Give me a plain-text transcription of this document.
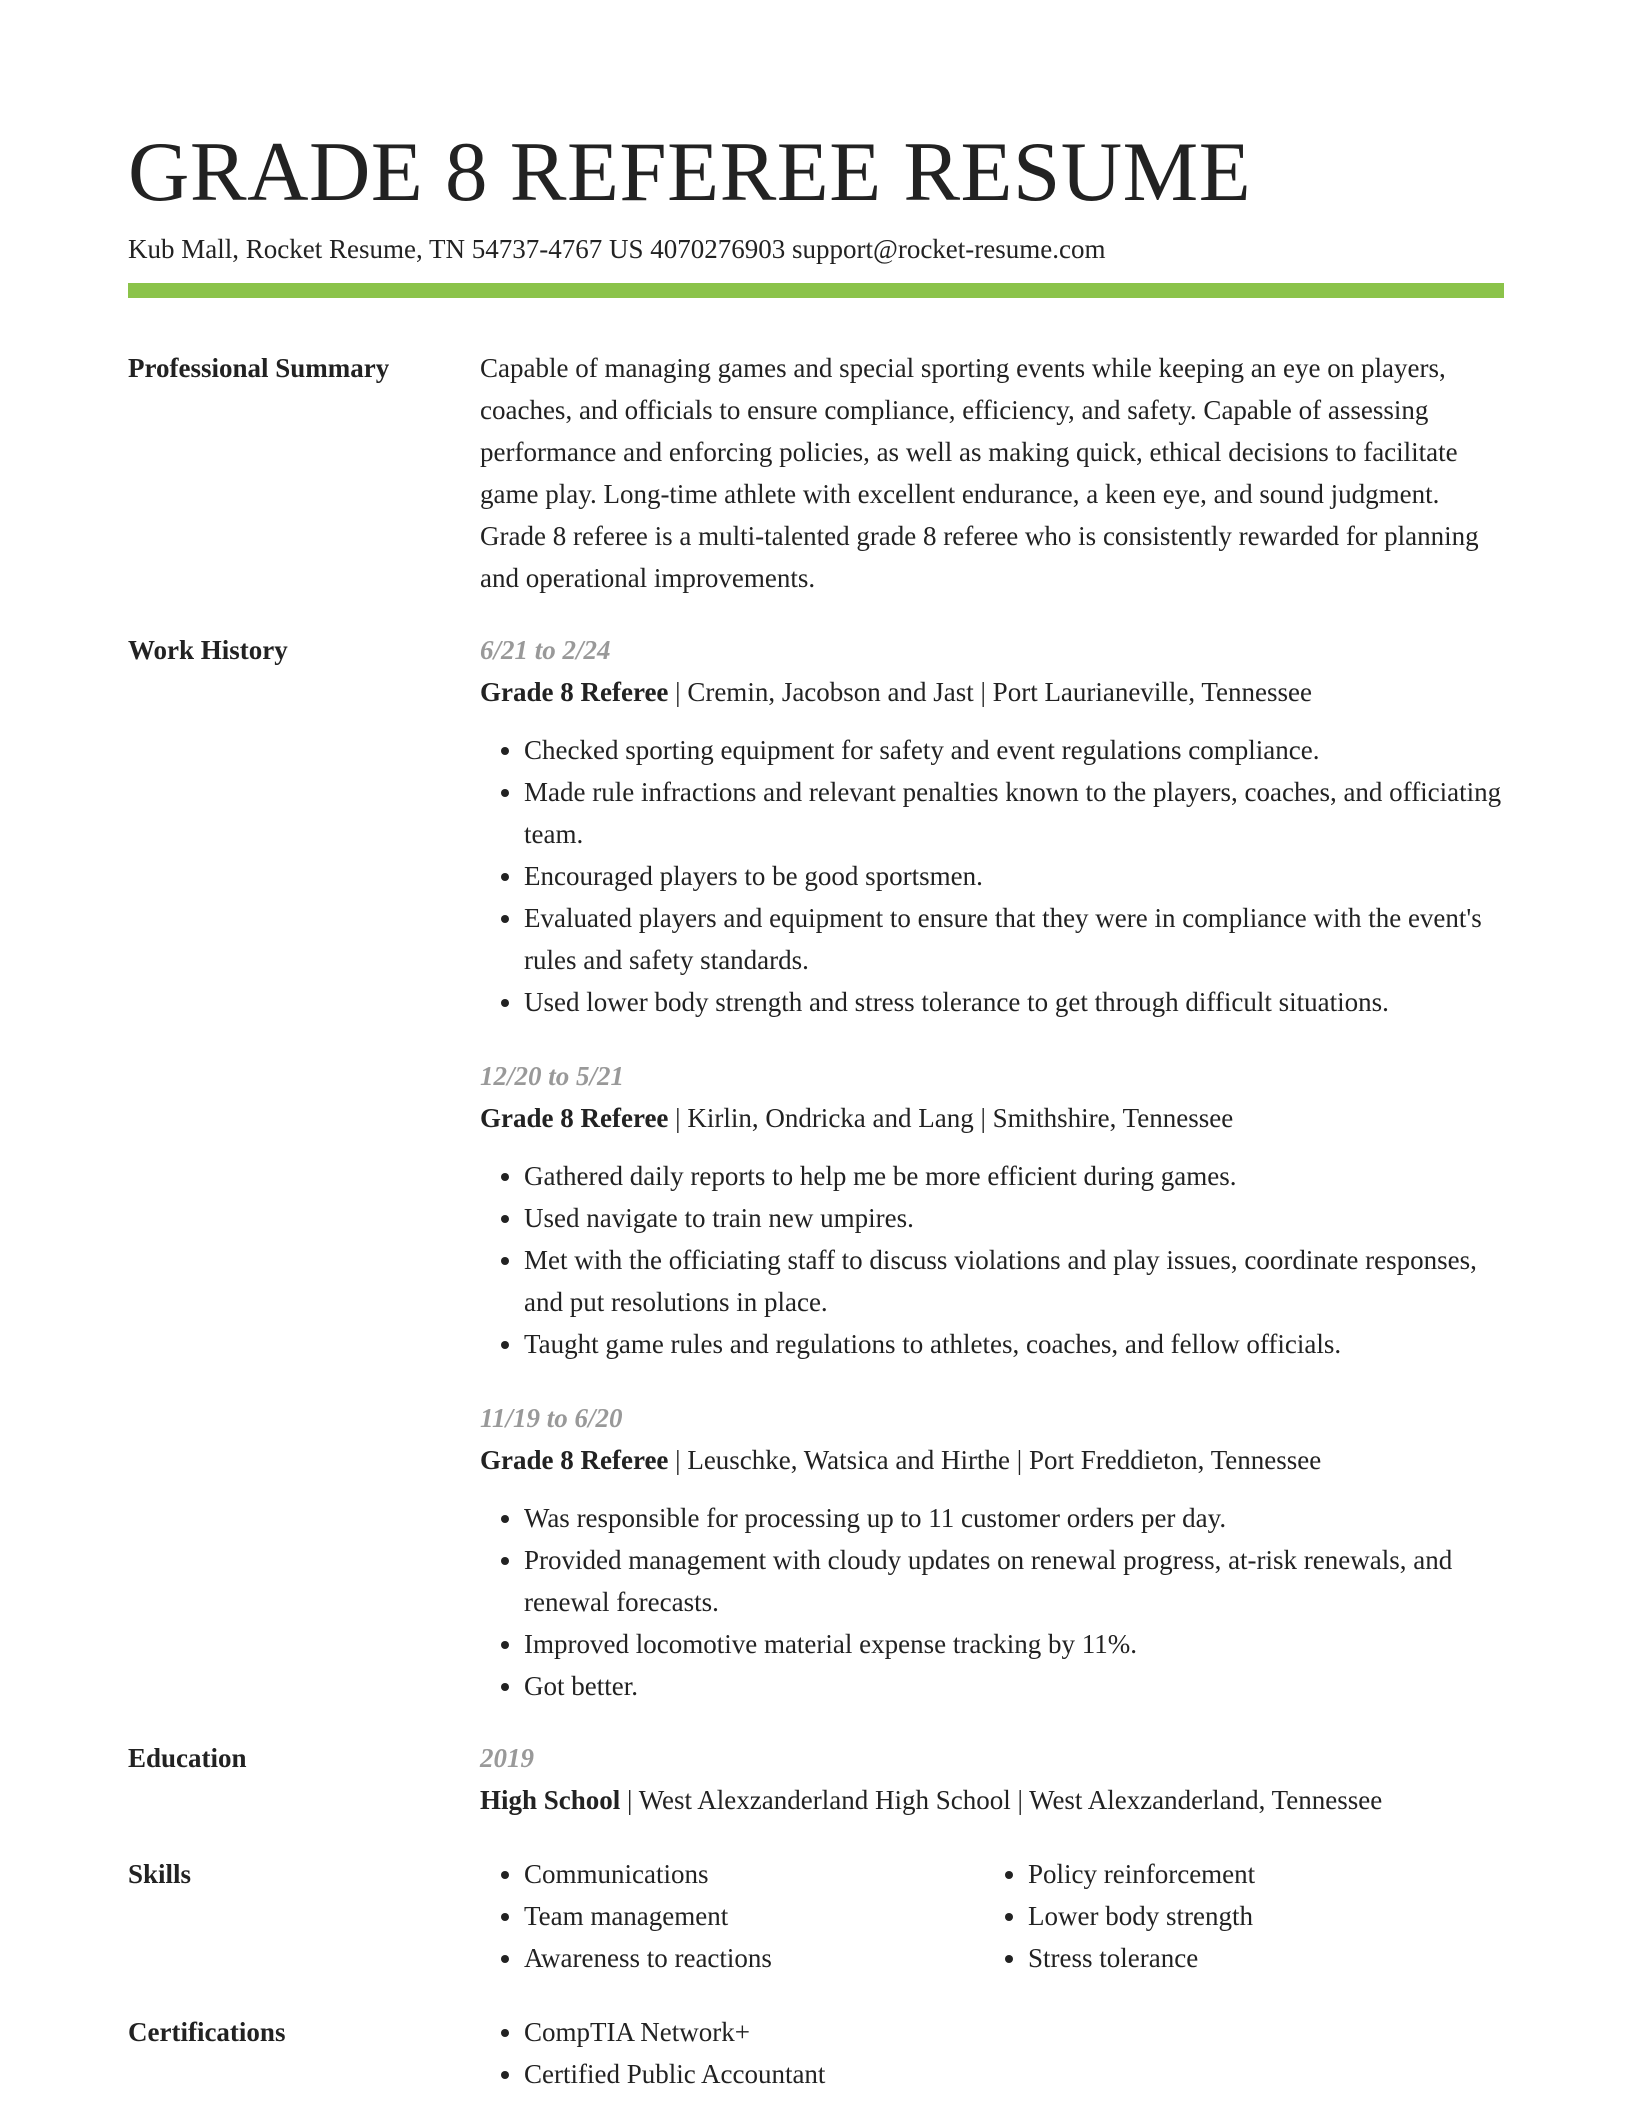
GRADE 8 REFEREE RESUME
Kub Mall, Rocket Resume, TN 54737-4767 US 4070276903 support@rocket-resume.com
Professional Summary	Capable of managing games and special sporting events while keeping an eye on players, coaches, and officials to ensure compliance, efficiency, and safety. Capable of assessing performance and enforcing policies, as well as making quick, ethical decisions to facilitate game play. Long-time athlete with excellent endurance, a keen eye, and sound judgment. Grade 8 referee is a multi-talented grade 8 referee who is consistently rewarded for planning and operational improvements.

Work History	6/21 to 2/24
Grade 8 Referee | Cremin, Jacobson and Jast | Port Laurianeville, Tennessee
• Checked sporting equipment for safety and event regulations compliance.
• Made rule infractions and relevant penalties known to the players, coaches, and officiating team.
• Encouraged players to be good sportsmen.
• Evaluated players and equipment to ensure that they were in compliance with the event's rules and safety standards.
• Used lower body strength and stress tolerance to get through difficult situations.
12/20 to 5/21
Grade 8 Referee | Kirlin, Ondricka and Lang | Smithshire, Tennessee
• Gathered daily reports to help me be more efficient during games.
• Used navigate to train new umpires.
• Met with the officiating staff to discuss violations and play issues, coordinate responses, and put resolutions in place.
• Taught game rules and regulations to athletes, coaches, and fellow officials.
11/19 to 6/20
Grade 8 Referee | Leuschke, Watsica and Hirthe | Port Freddieton, Tennessee
• Was responsible for processing up to 11 customer orders per day.
• Provided management with cloudy updates on renewal progress, at-risk renewals, and renewal forecasts.
• Improved locomotive material expense tracking by 11%.
• Got better.
Education	2019
High School | West Alexzanderland High School | West Alexzanderland, Tennessee
Skills	• Communications
• Team management
• Awareness to reactions
• Policy reinforcement
• Lower body strength
• Stress tolerance
Certifications	• CompTIA Network+
• Certified Public Accountant
